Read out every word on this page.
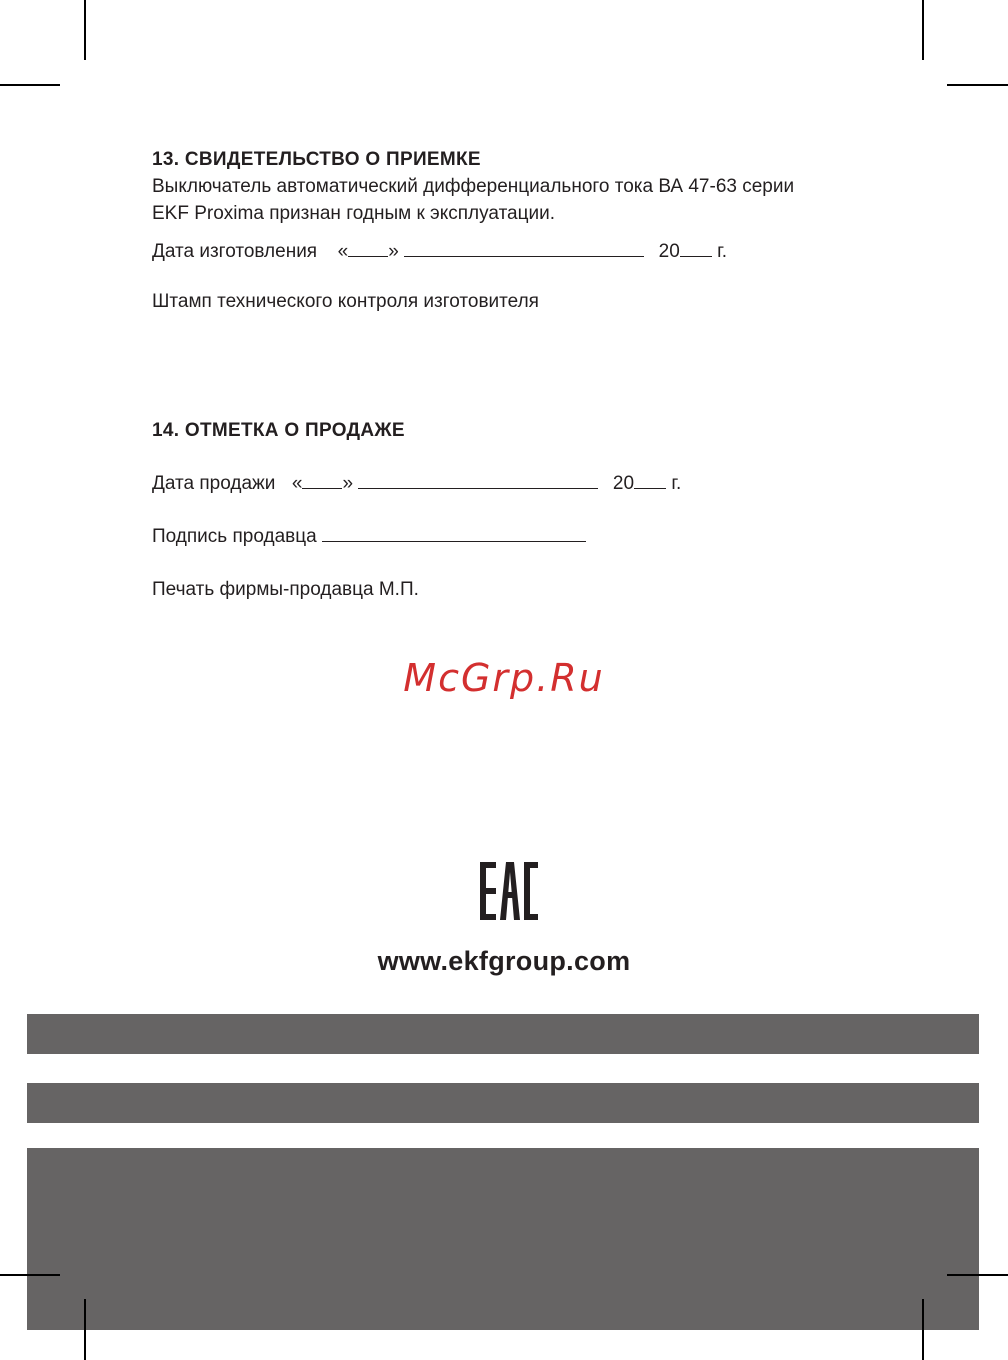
13. СВИДЕТЕЛЬСТВО О ПРИЕМКЕ
Выключатель автоматический дифференциального тока ВА 47-63 серии
EKF Proxima признан годным к эксплуатации.
Дата изготовления « »	20 г.
Штамп технического контроля изготовителя
14. ОТМЕТКА О ПРОДАЖЕ
Дата продажи « »	20 г.
Подпись продавца
Печать фирмы-продавца М.П.
McGrp.Ru
www.ekfgroup.com
